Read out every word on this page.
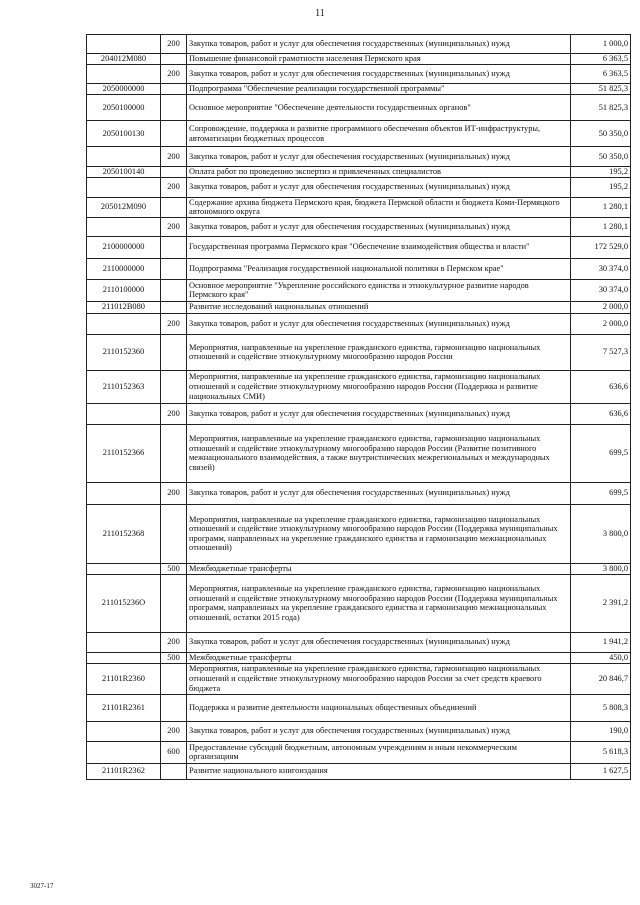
11
	200	Закупка товаров, работ и услуг для обеспечения государственных (муниципальных) нужд	1 000,0
204012М080		Повышение финансовой грамотности населения Пермского края	6 363,5
	200	Закупка товаров, работ и услуг для обеспечения государственных (муниципальных) нужд	6 363,5
2050000000		Подпрограмма "Обеспечение реализации государственной программы"	51 825,3
2050100000		Основное мероприятие "Обеспечение деятельности государственных органов"	51 825,3
2050100130		Сопровождение, поддержка и развитие программного обеспечения объектов ИТ-инфраструктуры, автоматизации бюджетных процессов	50 350,0
	200	Закупка товаров, работ и услуг для обеспечения государственных (муниципальных) нужд	50 350,0
2050100140		Оплата работ по проведению экспертиз и привлеченных специалистов	195,2
	200	Закупка товаров, работ и услуг для обеспечения государственных (муниципальных) нужд	195,2
205012М090		Содержание архива бюджета Пермского края, бюджета Пермской области и бюджета Коми-Пермяцкого автономного округа	1 280,1
	200	Закупка товаров, работ и услуг для обеспечения государственных (муниципальных) нужд	1 280,1
2100000000		Государственная программа Пермского края "Обеспечение взаимодействия общества и власти"	172 529,0
2110000000		Подпрограмма "Реализация государственной национальной политики в Пермском крае"	30 374,0
2110100000		Основное мероприятие "Укрепление российского единства и этнокультурное развитие народов Пермского края"	30 374,0
211012В080		Развитие исследований национальных отношений	2 000,0
	200	Закупка товаров, работ и услуг для обеспечения государственных (муниципальных) нужд	2 000,0
2110152360		Мероприятия, направленные на укрепление гражданского единства, гармонизацию национальных отношений и содействие этнокультурному многообразию народов России	7 527,3
2110152363		Мероприятия, направленные на укрепление гражданского единства, гармонизацию национальных отношений и содействие этнокультурному многообразию народов России (Поддержка и развитие национальных СМИ)	636,6
	200	Закупка товаров, работ и услуг для обеспечения государственных (муниципальных) нужд	636,6
2110152366		Мероприятия, направленные на укрепление гражданского единства, гармонизацию национальных отношений и содействие этнокультурному многообразию народов России (Развитие позитивного межнационального взаимодействия, а также внутристнических межрегиональных и международных связей)	699,5
	200	Закупка товаров, работ и услуг для обеспечения государственных (муниципальных) нужд	699,5
2110152368		Мероприятия, направленные на укрепление гражданского единства, гармонизацию национальных отношений и содействие этнокультурному многообразию народов России (Поддержка муниципальных программ, направленных на укрепление гражданского единства и гармонизацию межнациональных отношений)	3 800,0
	500	Межбюджетные трансферты	3 800,0
211015236О		Мероприятия, направленные на укрепление гражданского единства, гармонизацию национальных отношений и содействие этнокультурному многообразию народов России (Поддержка муниципальных программ, направленных на укрепление гражданского единства и гармонизацию межнациональных отношений, остатки 2015 года)	2 391,2
	200	Закупка товаров, работ и услуг для обеспечения государственных (муниципальных) нужд	1 941,2
	500	Межбюджетные трансферты	450,0
21101R2360		Мероприятия, направленные на укрепление гражданского единства, гармонизацию национальных отношений и содействие этнокультурному многообразию народов России за счет средств краевого бюджета	20 846,7
21101R2361		Поддержка и развитие деятельности национальных общественных объединений	5 808,3
	200	Закупка товаров, работ и услуг для обеспечения государственных (муниципальных) нужд	190,0
	600	Предоставление субсидий бюджетным, автономным учреждениям и иным некоммерческим организациям	5 618,3
21101R2362		Развитие национального книгоиздания	1 627,5
3027-17
